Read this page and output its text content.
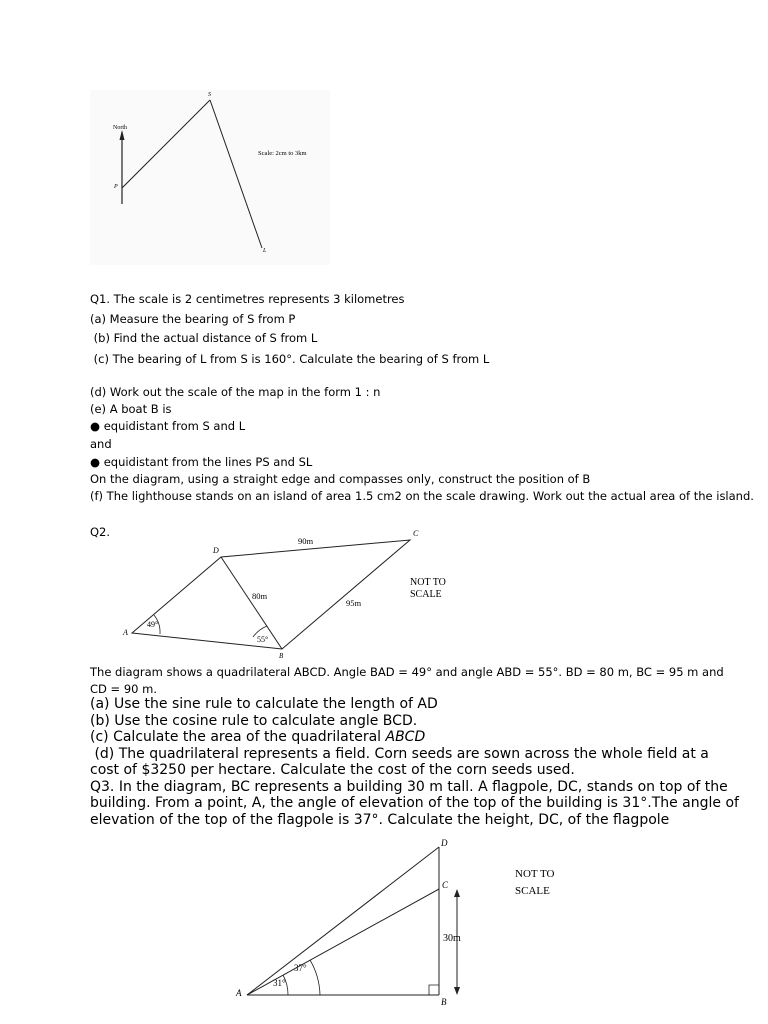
North
Scale: 2cm to 3km
P
S
L
Q1. The scale is 2 centimetres represents 3 kilometres
(a) Measure the bearing of S from P
(b) Find the actual distance of S from L
(c) The bearing of L from S is 160°. Calculate the bearing of S from L
(d) Work out the scale of the map in the form 1 : n
(e) A boat B is
● equidistant from S and L
and
● equidistant from the lines PS and SL
On the diagram, using a straight edge and compasses only, construct the position of B
(f) The lighthouse stands on an island of area 1.5 cm2 on the scale drawing. Work out the actual area of the island.
Q2.
A
B
C
D
90m
80m
95m
49°
55°
NOT TO
SCALE
The diagram shows a quadrilateral ABCD. Angle BAD = 49° and angle ABD = 55°. BD = 80 m, BC = 95 m and CD = 90 m.
(a) Use the sine rule to calculate the length of AD
(b) Use the cosine rule to calculate angle BCD.
(c) Calculate the area of the quadrilateral ABCD
(d) The quadrilateral represents a field. Corn seeds are sown across the whole field at a cost of $3250 per hectare. Calculate the cost of the corn seeds used.
Q3. In the diagram, BC represents a building 30 m tall. A flagpole, DC, stands on top of the building. From a point, A, the angle of elevation of the top of the building is 31°.The angle of elevation of the top of the flagpole is 37°. Calculate the height, DC, of the flagpole
A
B
C
D
30m
31°
37°
NOT TO
SCALE
